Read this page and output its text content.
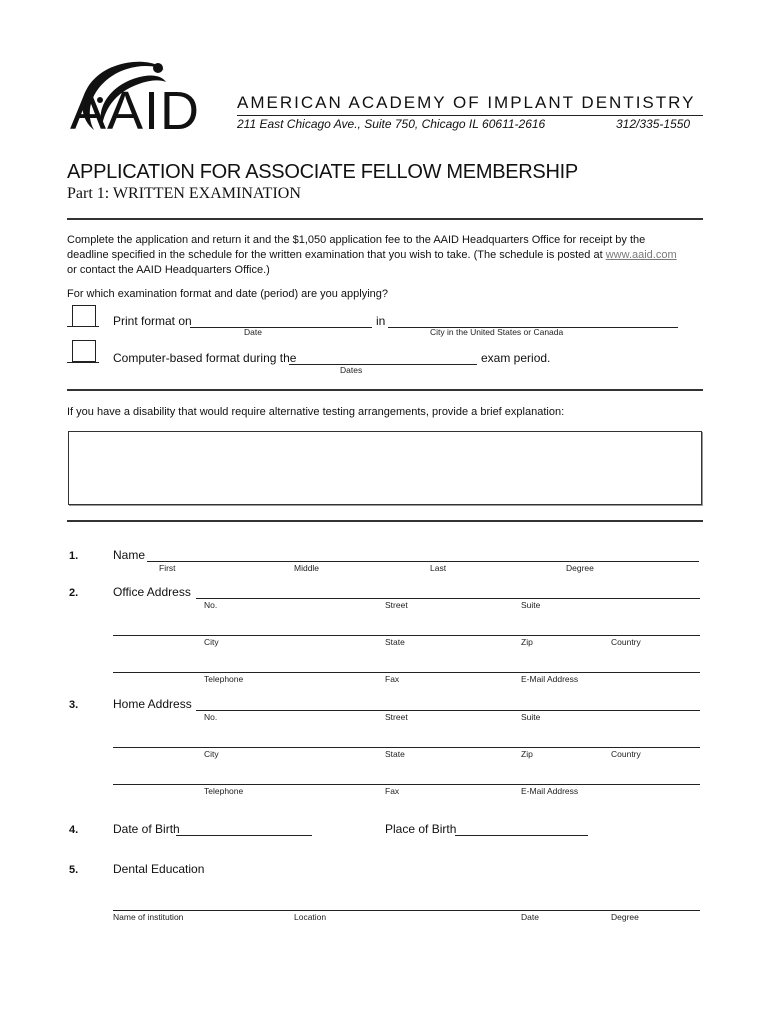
AAID AMERICAN ACADEMY OF IMPLANT DENTISTRY
211 East Chicago Ave., Suite 750, Chicago IL 60611-2616	312/335-1550
APPLICATION FOR ASSOCIATE FELLOW MEMBERSHIP
Part 1: WRITTEN EXAMINATION
Complete the application and return it and the $1,050 application fee to the AAID Headquarters Office for receipt by the
deadline specified in the schedule for the written examination that you wish to take. (The schedule is posted at www.aaid.com
or contact the AAID Headquarters Office.)
For which examination format and date (period) are you applying?
Print format on	in
Date	City in the United States or Canada
Computer-based format during the	exam period.
Dates
If you have a disability that would require alternative testing arrangements, provide a brief explanation:
1.	Name
First	Middle	Last	Degree
2.	Office Address
No.	Street	Suite
City	State	Zip	Country
Telephone	Fax	E-Mail Address
3.	Home Address
No.	Street	Suite
City	State	Zip	Country
Telephone	Fax	E-Mail Address
4.	Date of Birth	Place of Birth
5.	Dental Education
Name of institution	Location	Date	Degree
